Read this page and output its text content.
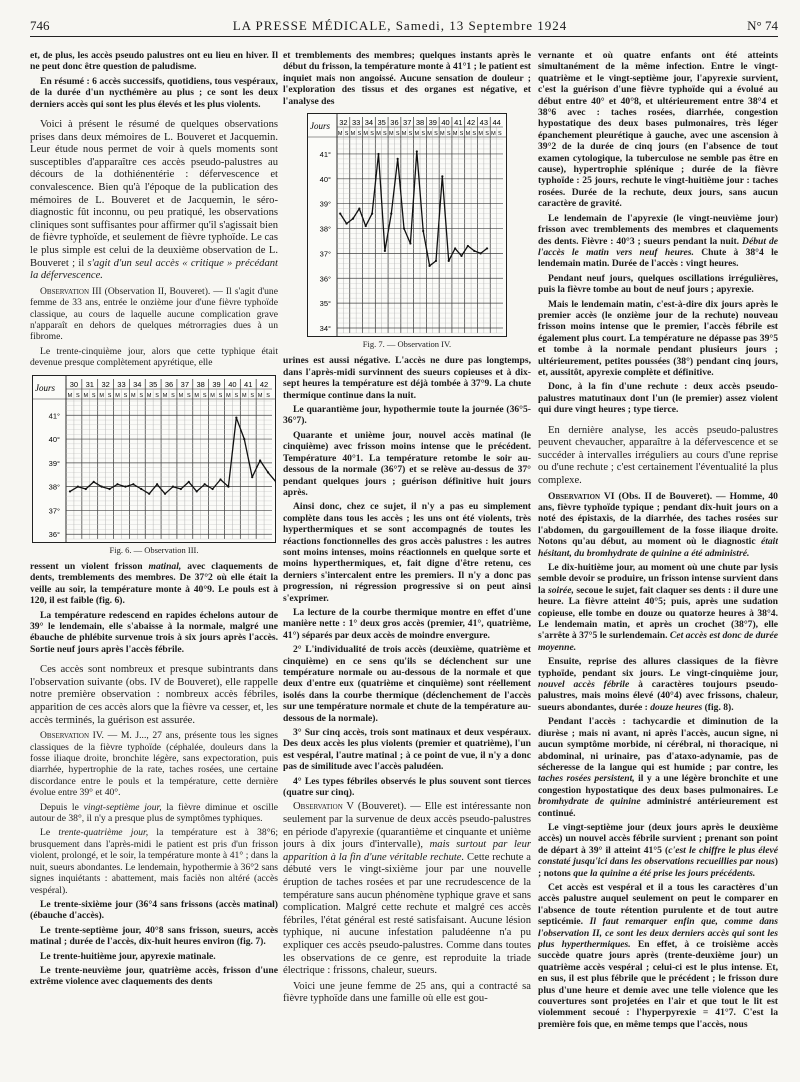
746	LA PRESSE MÉDICALE, Samedi, 13 Septembre 1924	N° 74

et, de plus, les accès pseudo palustres ont eu lieu en hiver. Il ne peut donc être question de paludisme.

En résumé : 6 accès successifs, quotidiens, tous vespéraux, de la durée d'un nycthémère au plus ; ce sont les deux derniers accès qui sont les plus élevés et les plus violents.

Voici à présent le résumé de quelques observations prises dans deux mémoires de L. Bouveret et Jacquemin. Leur étude nous permet de voir à quels moments sont susceptibles d'apparaître ces accès pseudo-palustres au décours de la dothiénentérie : défervescence et convalescence. Bien qu'à l'époque de la publication des mémoires de L. Bouveret et de Jacquemin, le séro-diagnostic fût inconnu, ou peu pratiqué, les observations cliniques sont suffisantes pour affirmer qu'il s'agissait bien de fièvre typhoïde, et seulement de fièvre typhoïde. Le cas le plus simple est celui de la deuxième observation de L. Bouveret ; il s'agit d'un seul accès « critique » précédant la défervescence.

Observation III (Observation II, Bouveret). — Il s'agit d'une femme de 33 ans, entrée le onzième jour d'une fièvre typhoïde classique, au cours de laquelle aucune complication grave n'apparaît en dehors de quelques métrorragies dues à un fibrome.

Le trente-cinquième jour, alors que cette typhique était devenue presque complètement apyrétique, elle

Jours 30
M S
31
M S
32
M S
33
M S
34
M S
35
M S
36
M S
37
M S
38
M S
39
M S
40
M S
41
M S
42
M S
41°
40°
39°
38°
37°
36°
Fig. 6. — Observation III.

ressent un violent frisson matinal, avec claquements de dents, tremblements des membres. De 37°2 où elle était la veille au soir, la température monte à 40°9. Le pouls est à 120, il est faible (fig. 6).

La température redescend en rapides échelons autour de 39° le lendemain, elle s'abaisse à la normale, malgré une ébauche de phlébite survenue trois à six jours après l'accès. Sortie neuf jours après l'accès fébrile.

Ces accès sont nombreux et presque subintrants dans l'observation suivante (obs. IV de Bouveret), elle rappelle notre première observation : nombreux accès fébriles, apparition de ces accès alors que la fièvre va cesser, et, les accès terminés, la guérison est assurée.

Observation IV. — M. J..., 27 ans, présente tous les signes classiques de la fièvre typhoïde (céphalée, douleurs dans la fosse iliaque droite, bronchite légère, sans expectoration, puis diarrhée, hypertrophie de la rate, taches rosées, une certaine discordance entre le pouls et la température, cette dernière évolue entre 39° et 40°.

Depuis le vingt-septième jour, la fièvre diminue et oscille autour de 38°, il n'y a presque plus de symptômes typhiques.

Le trente-quatrième jour, la température est à 38°6; brusquement dans l'après-midi le patient est pris d'un frisson violent, prolongé, et le soir, la température monte à 41° ; dans la nuit, sueurs abondantes. Le lendemain, hypothermie à 36°2 sans signes inquiétants : abattement, mais faciès non altéré (accès vespéral).

Le trente-sixième jour (36°4 sans frissons (accès matinal) (ébauche d'accès).

Le trente-septième jour, 40°8 sans frisson, sueurs, accès matinal ; durée de l'accès, dix-huit heures environ (fig. 7).

Le trente-huitième jour, apyrexie matinale.

Le trente-neuvième jour, quatrième accès, frisson d'une extrême violence avec claquements des dents

et tremblements des membres; quelques instants après le début du frisson, la température monte à 41°1 ; le patient est inquiet mais non angoissé. Aucune sensation de douleur ; l'exploration des tissus et des organes est négative, et l'analyse des

Jours 32
M S
33
M S
34
M S
35
M S
36
M S
37
M S
38
M S
39
M S
40
M S
41
M S
42
M S
43
M S
44
M S
41°
40°
39°
38°
37°
36°
35°
34°
Fig. 7. — Observation IV.

urines est aussi négative. L'accès ne dure pas longtemps, dans l'après-midi survinnent des sueurs copieuses et à dix-sept heures la température est déjà tombée à 37°9. La chute thermique continue dans la nuit.

Le quarantième jour, hypothermie toute la journée (36°5-36°7).

Quarante et unième jour, nouvel accès matinal (le cinquième) avec frisson moins intense que le précédent. Température 40°1. La température retombe le soir au-dessous de la normale (36°7) et se relève au-dessus de 37° pendant quelques jours ; guérison définitive huit jours après.

Ainsi donc, chez ce sujet, il n'y a pas eu simplement complète dans tous les accès ; les uns ont été violents, très hyperthermiques et se sont accompagnés de toutes les réactions fonctionnelles des gros accès palustres : les autres sont moins intenses, moins réactionnels en quelque sorte et moins hyperthermiques, et, fait digne d'être retenu, ces derniers s'intercalent entre les premiers. Il n'y a donc pas progression, ni régression progressive si on peut ainsi s'exprimer.

La lecture de la courbe thermique montre en effet d'une manière nette : 1° deux gros accès (premier, 41°, quatrième, 41°) séparés par deux accès de moindre envergure.

2° L'individualité de trois accès (deuxième, quatrième et cinquième) en ce sens qu'ils se déclenchent sur une température normale ou au-dessous de la normale et que deux d'entre eux (quatrième et cinquième) sont réellement isolés dans la courbe thermique (déclenchement de l'accès sur une température normale et chute de la température au-dessous de la normale).

3° Sur cinq accès, trois sont matinaux et deux vespéraux. Des deux accès les plus violents (premier et quatrième), l'un est vespéral, l'autre matinal ; à ce point de vue, il n'y a donc pas de similitude avec l'accès paludéen.

4° Les types fébriles observés le plus souvent sont tierces (quatre sur cinq).

Observation V (Bouveret). — Elle est intéressante non seulement par la survenue de deux accès pseudo-palustres en période d'apyrexie (quarantième et cinquante et unième jours à dix jours d'intervalle), mais surtout par leur apparition à la fin d'une véritable rechute. Cette rechute a débuté vers le vingt-sixième jour par une nouvelle éruption de taches rosées et par une recrudescence de la température sans aucun phénomène typhique grave et sans complication. Malgré cette rechute et malgré ces accès fébriles, l'état général est resté satisfaisant. Aucune lésion typhique, ni aucune infestation paludéenne n'a pu expliquer ces accès pseudo-palustres. Comme dans toutes les observations de ce genre, est reproduite la triade électrique : frissons, chaleur, sueurs.

Voici une jeune femme de 25 ans, qui a contracté sa fièvre typhoïde dans une famille où elle est gou-

vernante et où quatre enfants ont été atteints simultanément de la même infection. Entre le vingt-quatrième et le vingt-septième jour, l'apyrexie survient, c'est la guérison d'une fièvre typhoïde qui a évolué au début entre 40° et 40°8, et ultérieurement entre 38°4 et 38°6 avec : taches rosées, diarrhée, congestion hypostatique des deux bases pulmonaires, très léger épanchement pleurétique à gauche, avec une ascension à 39°2 de la durée de cinq jours (en l'absence de tout examen cytologique, la tuberculose ne semble pas être en cause), hypertrophie splénique ; durée de la fièvre typhoïde : 25 jours, rechute le vingt-huitième jour : taches rosées. Durée de la rechute, deux jours, sans aucun caractère de gravité.

Le lendemain de l'apyrexie (le vingt-neuvième jour) frisson avec tremblements des membres et claquements des dents. Fièvre : 40°3 ; sueurs pendant la nuit. Début de l'accès le matin vers neuf heures. Chute à 38°4 le lendemain matin. Durée de l'accès : vingt heures.

Pendant neuf jours, quelques oscillations irrégulières, puis la fièvre tombe au bout de neuf jours ; apyrexie.

Mais le lendemain matin, c'est-à-dire dix jours après le premier accès (le onzième jour de la rechute) nouveau frisson moins intense que le premier, l'accès fébrile est également plus court. La température ne dépasse pas 39°5 et tombe à la normale pendant plusieurs jours ; ultérieurement, petites poussées (38°) pendant cinq jours, et, aussitôt, apyrexie complète et définitive.

Donc, à la fin d'une rechute : deux accès pseudo-palustres matutinaux dont l'un (le premier) assez violent qui dure vingt heures ; type tierce.

En dernière analyse, les accès pseudo-palustres peuvent chevaucher, apparaître à la défervescence et se succéder à intervalles irréguliers au cours d'une reprise ou d'une rechute ; c'est certainement l'éventualité la plus complexe.

Observation VI (Obs. II de Bouveret). — Homme, 40 ans, fièvre typhoïde typique ; pendant dix-huit jours on a noté des épistaxis, de la diarrhée, des taches rosées sur l'abdomen, du gargouillement de la fosse iliaque droite. Notons qu'au début, au moment où le diagnostic était hésitant, du bromhydrate de quinine a été administré.

Le dix-huitième jour, au moment où une chute par lysis semble devoir se produire, un frisson intense survient dans la soirée, secoue le sujet, fait claquer ses dents : il dure une heure. La fièvre atteint 40°5; puis, après une sudation copieuse, elle tombe en douze ou quatorze heures à 38°4. Le lendemain matin, et après un crochet (38°7), elle s'arrête à 37°5 le surlendemain. Cet accès est donc de durée moyenne.

Ensuite, reprise des allures classiques de la fièvre typhoïde, pendant six jours. Le vingt-cinquième jour, nouvel accès fébrile à caractères toujours pseudo-palustres, mais moins élevé (40°4) avec frissons, chaleur, sueurs abondantes, durée : douze heures (fig. 8).

Pendant l'accès : tachycardie et diminution de la diurèse ; mais ni avant, ni après l'accès, aucun signe, ni aucun symptôme morbide, ni cérébral, ni thoracique, ni abdominal, ni urinaire, pas d'ataxo-adynamie, pas de sécheresse de la langue qui est humide ; par contre, les taches rosées persistent, il y a une légère bronchite et une congestion hypostatique des deux bases pulmonaires. Le bromhydrate de quinine administré antérieurement est continué.

Le vingt-septième jour (deux jours après le deuxième accès) un nouvel accès fébrile survient ; prenant son point de départ à 39° il atteint 41°5 (c'est le chiffre le plus élevé constaté jusqu'ici dans les observations recueillies par nous) ; notons que la quinine a été prise les jours précédents.

Cet accès est vespéral et il a tous les caractères d'un accès palustre auquel seulement on peut le comparer en l'absence de toute rétention purulente et de tout autre septicémie. Il faut remarquer enfin que, comme dans l'observation II, ce sont les deux derniers accès qui sont les plus hyperthermiques. En effet, à ce troisième accès succède quatre jours après (trente-deuxième jour) un quatrième accès vespéral ; celui-ci est le plus intense. Et, en sus, il est plus fébrile que le précédent ; le frisson dure plus d'une heure et demie avec une telle violence que les couvertures sont projetées en l'air et que tout le lit est violemment secoué : l'hyperpyrexie = 41°7. C'est la première fois que, en même temps que l'accès, nous
